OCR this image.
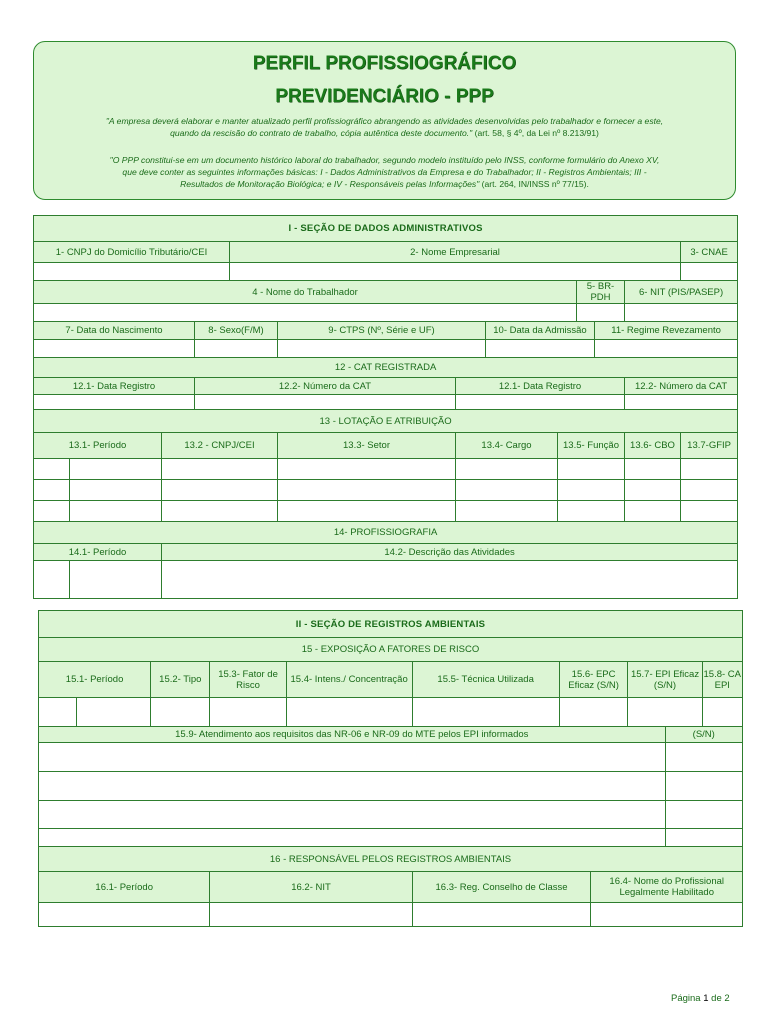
PERFIL PROFISSIOGRÁFICO
PREVIDENCIÁRIO - PPP
"A empresa deverá elaborar e manter atualizado perfil profissiográfico abrangendo as atividades desenvolvidas pelo trabalhador e fornecer a este, quando da rescisão do contrato de trabalho, cópia autêntica deste documento." (art. 58, § 4º, da Lei nº 8.213/91)
"O PPP constitui-se em um documento histórico laboral do trabalhador, segundo modelo instituído pelo INSS, conforme formulário do Anexo XV, que deve conter as seguintes informações básicas: I - Dados Administrativos da Empresa e do Trabalhador; II - Registros Ambientais; III - Resultados de Monitoração Biológica; e IV - Responsáveis pelas Informações" (art. 264, IN/INSS nº 77/15).
I - SEÇÃO DE DADOS ADMINISTRATIVOS												
1- CNPJ do Domicílio Tributário/CEI				2- Nome Empresarial								3- CNAE

4 - Nome do Trabalhador									5- BR-PDH		6- NIT (PIS/PASEP)	

7- Data do Nascimento			8- Sexo(F/M)		9- CTPS (Nº, Série e UF)		10- Data da Admissão			11- Regime Revezamento		

12 - CAT REGISTRADA												
12.1- Data Registro			12.2- Número da CAT			12.1- Data Registro					12.2- Número da CAT	

13 - LOTAÇÃO E ATRIBUIÇÃO												
13.1- Período		13.2 - CNPJ/CEI			13.3- Setor	13.4- Cargo		13.5- Função			13.6- CBO	13.7-GFIP

14- PROFISSIOGRAFIA												
14.1- Período		14.2- Descrição das Atividades										

II - SEÇÃO DE REGISTROS AMBIENTAIS										
15 - EXPOSIÇÃO A FATORES DE RISCO										
15.1- Período		15.2- Tipo	15.3- Fator de Risco	15.4- Intens./ Concentração	15.5- Técnica Utilizada	15.6- EPC Eficaz (S/N)		15.7- EPI Eficaz (S/N)		15.8- CA EPI

15.9- Atendimento aos requisitos das NR-06 e NR-09 do MTE pelos EPI informados									(S/N)	

16 - RESPONSÁVEL PELOS REGISTROS AMBIENTAIS										
16.1- Período			16.2- NIT		16.3- Reg. Conselho de Classe		16.4- Nome do Profissional Legalmente Habilitado			

Página 1 de 2
